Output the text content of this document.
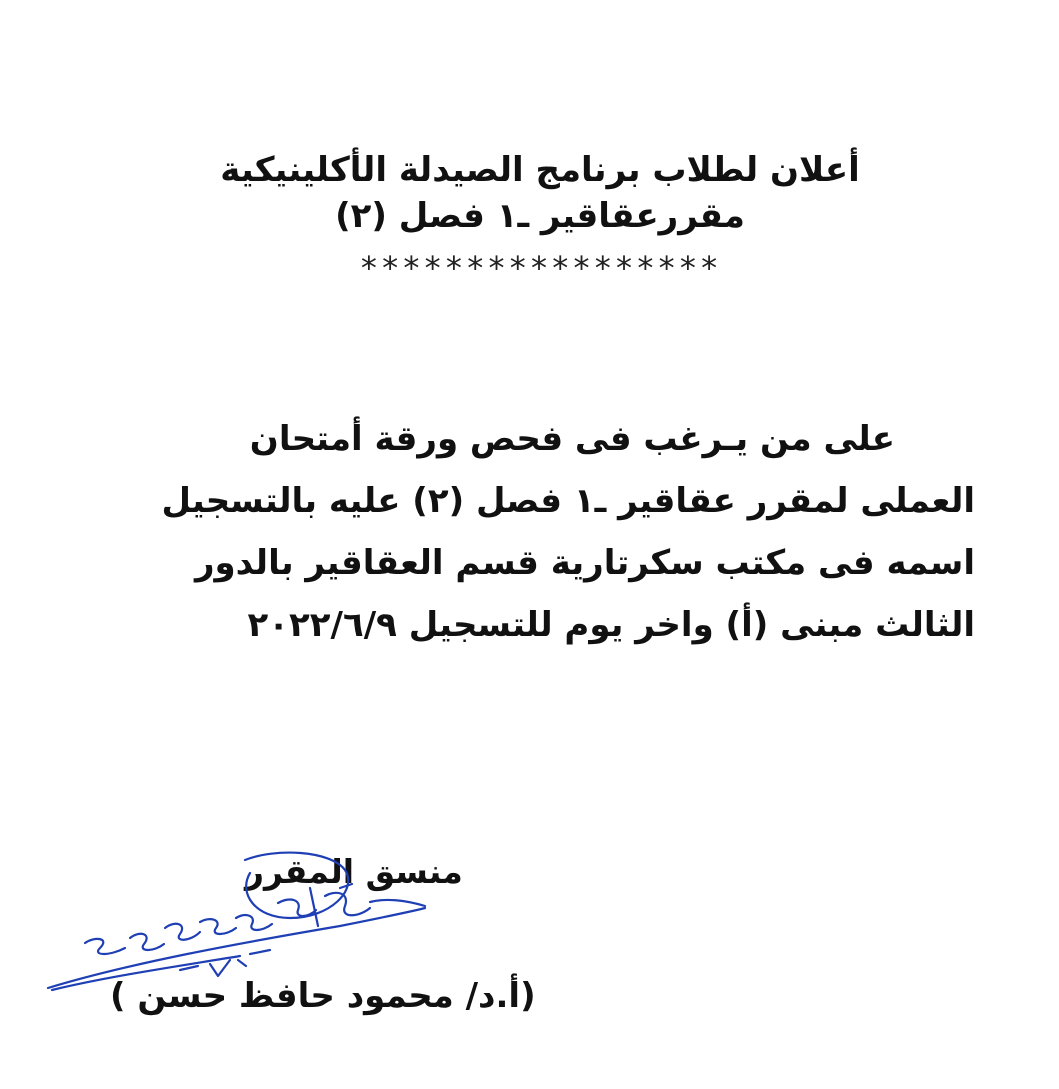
أعلان لطلاب برنامج الصيدلة الأكلينيكية

مقررعقاقير ـ١ فصل (٢)

*****************

على من يـرغب فى فحص ورقة أمتحان

العملى لمقرر عقاقير ـ١ فصل (٢) عليه بالتسجيل

اسمه فى مكتب سكرتارية قسم العقاقير بالدور

الثالث مبنى (أ) واخر يوم للتسجيل ٢٠٢٢/٦/٩

منسق المقرر
(أ.د/ محمود حافظ حسن )
